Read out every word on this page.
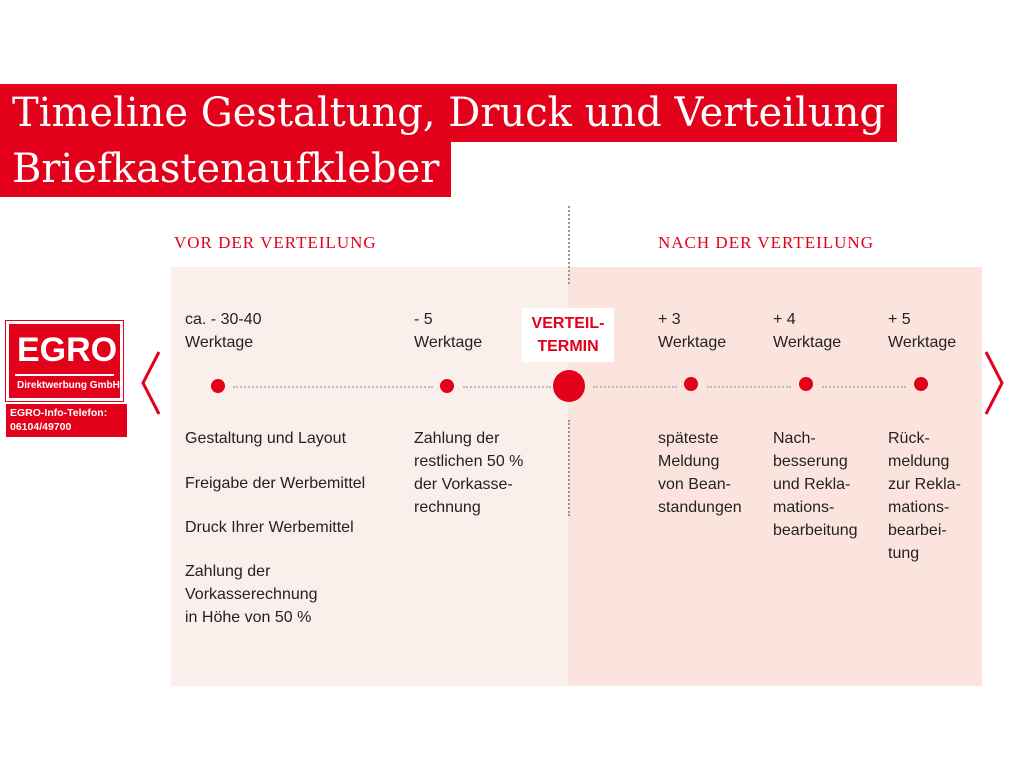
Timeline Gestaltung, Druck und Verteilung
Briefkastenaufkleber
VOR DER VERTEILUNG	NACH DER VERTEILUNG
EGRO
Direktwerbung GmbH
EGRO-Info-Telefon:
06104/49700
ca. - 30-40
Werktage
- 5
Werktage
VERTEIL-
TERMIN
+ 3
Werktage
+ 4
Werktage
+ 5
Werktage
Gestaltung und Layout
Freigabe der Werbemittel
Druck Ihrer Werbemittel
Zahlung der
Vorkasserechnung
in Höhe von 50 %
Zahlung der
restlichen 50 %
der Vorkasse-
rechnung
späteste
Meldung
von Bean-
standungen
Nach-
besserung
und Rekla-
mations-
bearbeitung
Rück-
meldung
zur Rekla-
mations-
bearbei-
tung
